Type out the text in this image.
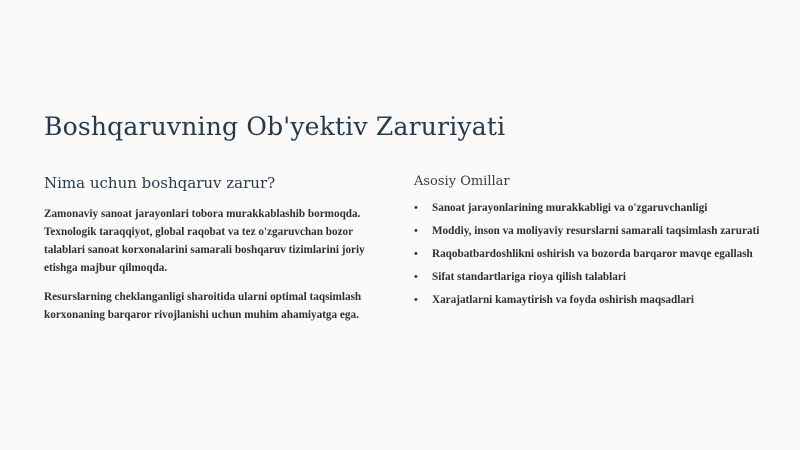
Boshqaruvning Ob'yektiv Zaruriyati
Nima uchun boshqaruv zarur?

Zamonaviy sanoat jarayonlari tobora murakkablashib bormoqda. Texnologik taraqqiyot, global raqobat va tez o'zgaruvchan bozor talablari sanoat korxonalarini samarali boshqaruv tizimlarini joriy etishga majbur qilmoqda.

Resurslarning cheklanganligi sharoitida ularni optimal taqsimlash korxonaning barqaror rivojlanishi uchun muhim ahamiyatga ega.

Asosiy Omillar
• Sanoat jarayonlarining murakkabligi va o'zgaruvchanligi
• Moddiy, inson va moliyaviy resurslarni samarali taqsimlash zarurati
• Raqobatbardoshlikni oshirish va bozorda barqaror mavqe egallash
• Sifat standartlariga rioya qilish talablari
• Xarajatlarni kamaytirish va foyda oshirish maqsadlari
